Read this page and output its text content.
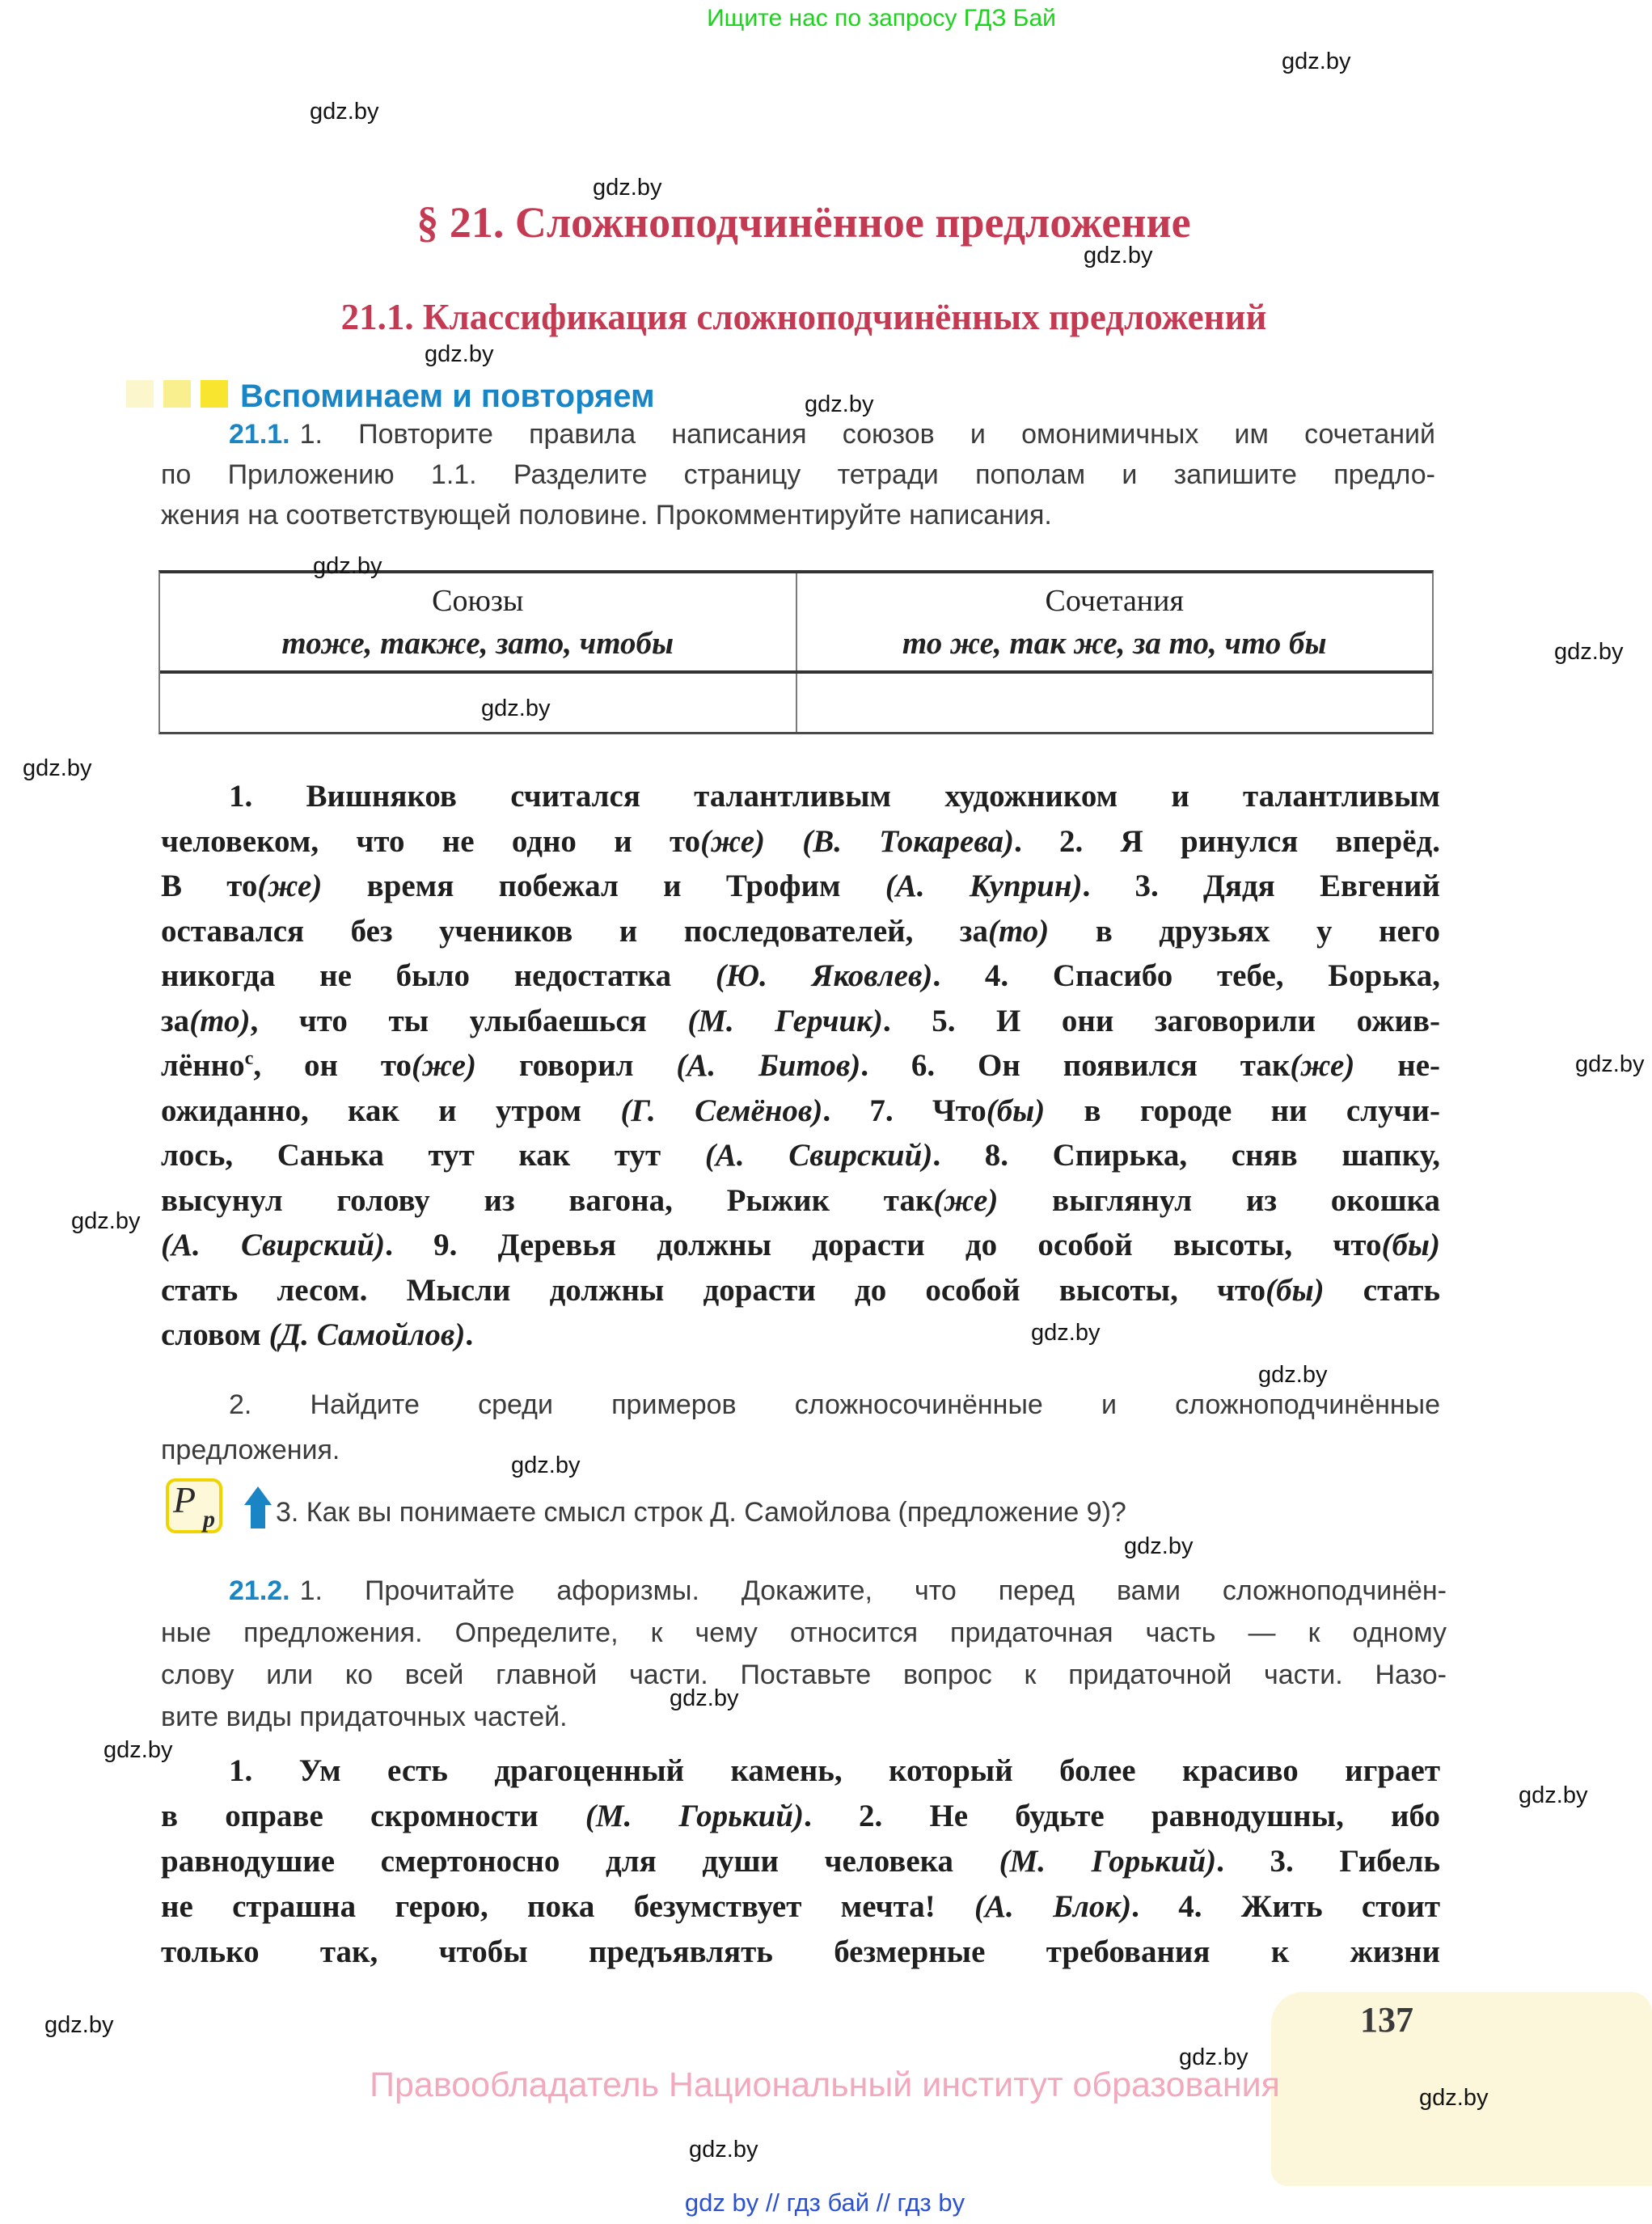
Ищите нас по запросу ГДЗ Бай
§ 21. Сложноподчинённое предложение
21.1. Классификация сложноподчинённых предложений
Вспоминаем и повторяем
21.1. 1. Повторите правила написания союзов и омонимичных им сочетаний
по Приложению 1.1. Разделите страницу тетради пополам и запишите предло-
жения на соответствующей половине. Прокомментируйте написания.
Союзы
тоже, также, зато, чтобы
Сочетания
то же, так же, за то, что бы
1. Вишняков считался талантливым художником и талантливым
человеком, что не одно и то(же) (В. Токарева). 2. Я ринулся вперёд.
В то(же) время побежал и Трофим (А. Куприн). 3. Дядя Евгений
оставался без учеников и последователей, за(то) в друзьях у него
никогда не было недостатка (Ю. Яковлев). 4. Спасибо тебе, Борька,
за(то), что ты улыбаешься (М. Герчик). 5. И они заговорили ожив-
лённо$^с$, он то(же) говорил (А. Битов). 6. Он появился так(же) не-
ожиданно, как и утром (Г. Семёнов). 7. Что(бы) в городе ни случи-
лось, Санька тут как тут (А. Свирский). 8. Спирька, сняв шапку,
высунул голову из вагона, Рыжик так(же) выглянул из окошка
(А. Свирский). 9. Деревья должны дорасти до особой высоты, что(бы)
стать лесом. Мысли должны дорасти до особой высоты, что(бы) стать
словом (Д. Самойлов).
2. Найдите среди примеров сложносочинённые и сложноподчинённые
предложения.
Р р 3. Как вы понимаете смысл строк Д. Самойлова (предложение 9)?
21.2. 1. Прочитайте афоризмы. Докажите, что перед вами сложноподчинён-
ные предложения. Определите, к чему относится придаточная часть — к одному
слову или ко всей главной части. Поставьте вопрос к придаточной части. Назо-
вите виды придаточных частей.
1. Ум есть драгоценный камень, который более красиво играет
в оправе скромности (М. Горький). 2. Не будьте равнодушны, ибо
равнодушие смертоносно для души человека (М. Горький). 3. Гибель
не страшна герою, пока безумствует мечта! (А. Блок). 4. Жить стоит
только так, чтобы предъявлять безмерные требования к жизни
137
Правообладатель Национальный институт образования
gdz by // гдз бай // гдз by
gdz.by
gdz.by
gdz.by
gdz.by
gdz.by
gdz.by
gdz.by
gdz.by
gdz.by
gdz.by
gdz.by
gdz.by
gdz.by
gdz.by
gdz.by
gdz.by
gdz.by
gdz.by
gdz.by
gdz.by
gdz.by
gdz.by
gdz.by
